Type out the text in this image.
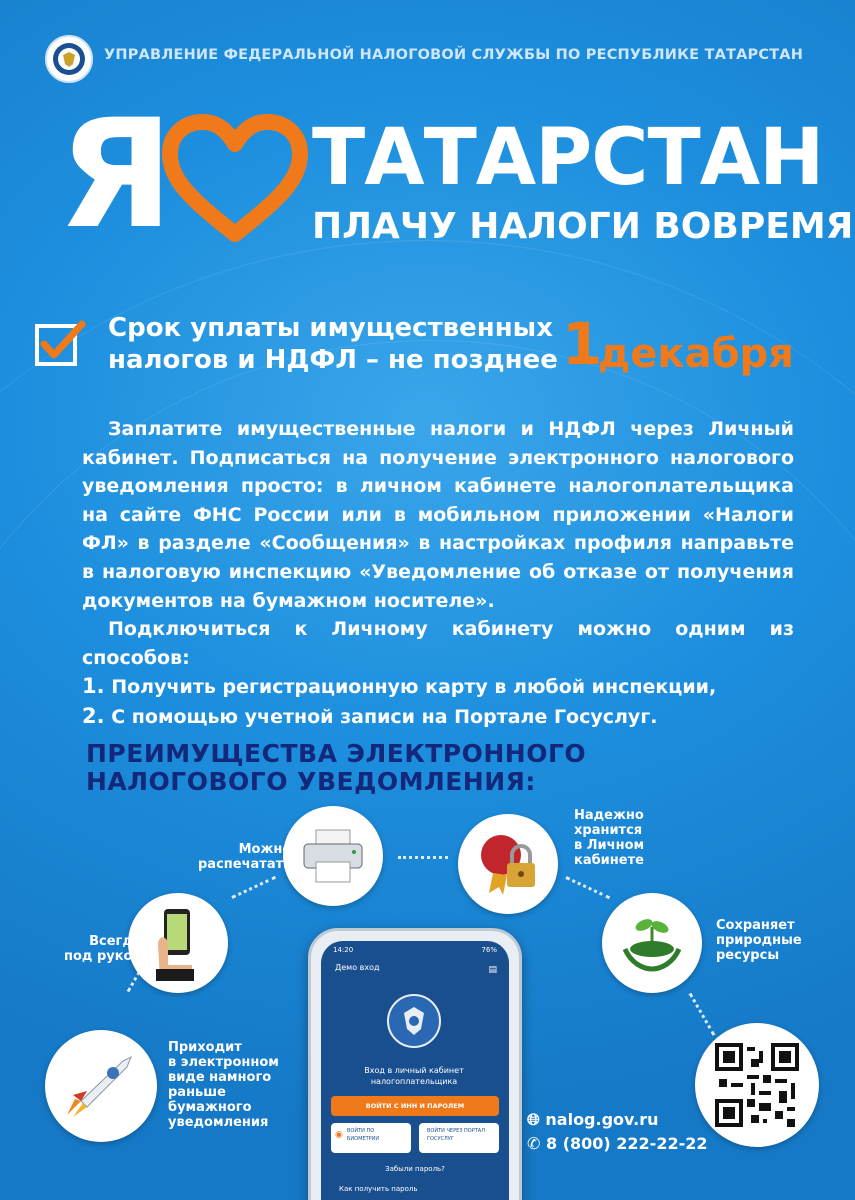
УПРАВЛЕНИЕ ФЕДЕРАЛЬНОЙ НАЛОГОВОЙ СЛУЖБЫ ПО РЕСПУБЛИКЕ ТАТАРСТАН
Я ТАТАРСТАН
ПЛАЧУ НАЛОГИ ВОВРЕМЯ
Срок уплаты имущественных
налогов и НДФЛ – не позднее 1
декабря

Заплатите имущественные налоги и НДФЛ через Личный кабинет. Подписаться на получение электронного налогового уведомления просто: в личном кабинете налогоплательщика на сайте ФНС России или в мобильном приложении «Налоги ФЛ» в разделе «Сообщения» в настройках профиля направьте в налоговую инспекцию «Уведомление об отказе от получения документов на бумажном носителе».

Подключиться к Личному кабинету можно одним из способов:

1. Получить регистрационную карту в любой инспекции,

2. С помощью учетной записи на Портале Госуслуг.

ПРЕИМУЩЕСТВА ЭЛЕКТРОННОГО
НАЛОГОВОГО УВЕДОМЛЕНИЯ:
Можно
распечатать
Надежно
хранится
в Личном
кабинете
Всегда
под рукой
Сохраняет
природные
ресурсы
Приходит
в электронном
виде намного
раньше
бумажного
уведомления
14:20	76%
Демо вход	▤
Вход в личный кабинет налогоплательщика
ВОЙТИ С ИНН И ПАРОЛЕМ
◉ ВОЙТИ ПО БИОМЕТРИИ
ВОЙТИ ЧЕРЕЗ ПОРТАЛ ГОСУСЛУГ
Забыли пароль?
Как получить пароль
🌐︎ nalog.gov.ru
✆ 8 (800) 222-22-22
